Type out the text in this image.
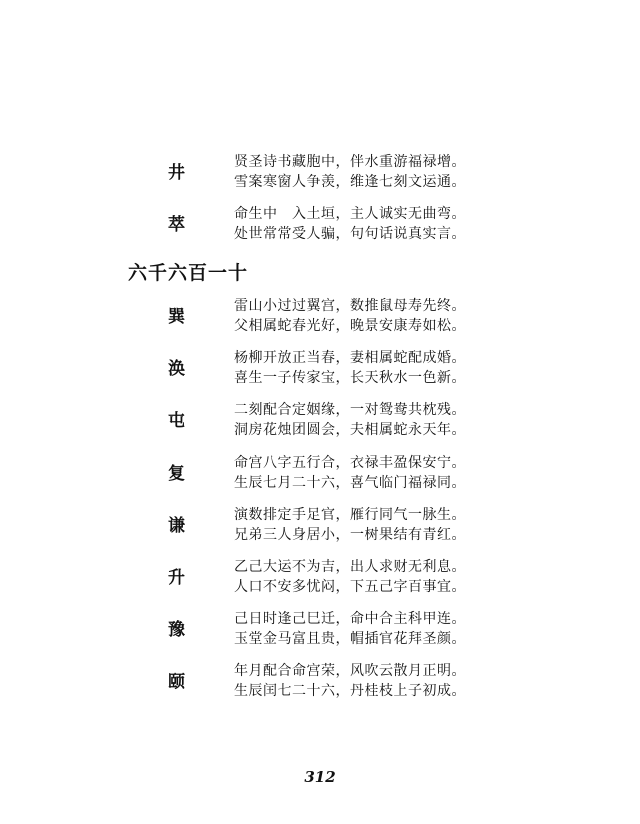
井
贤圣诗书藏胞中，伴水重游福禄增。
雪案寒窗人争羡，维逢七刻文运通。
萃
命生中　入土垣，主人诚实无曲弯。
处世常常受人骗，句句话说真实言。
六千六百一十
巽
雷山小过过翼宫，数推鼠母寿先终。
父相属蛇春光好，晚景安康寿如松。
涣
杨柳开放正当春，妻相属蛇配成婚。
喜生一子传家宝，长天秋水一色新。
屯
二刻配合定姻缘，一对鸳鸯共枕残。
洞房花烛团圆会，夫相属蛇永天年。
复
命宫八字五行合，衣禄丰盈保安宁。
生辰七月二十六，喜气临门福禄同。
谦
演数排定手足官，雁行同气一脉生。
兄弟三人身居小，一树果结有青红。
升
乙己大运不为吉，出人求财无利息。
人口不安多忧闷，下五己字百事宜。
豫
己日时逢己巳迁，命中合主科甲连。
玉堂金马富且贵，帽插官花拜圣颜。
颐
年月配合命宫荣，风吹云散月正明。
生辰闰七二十六，丹桂枝上子初成。
312
